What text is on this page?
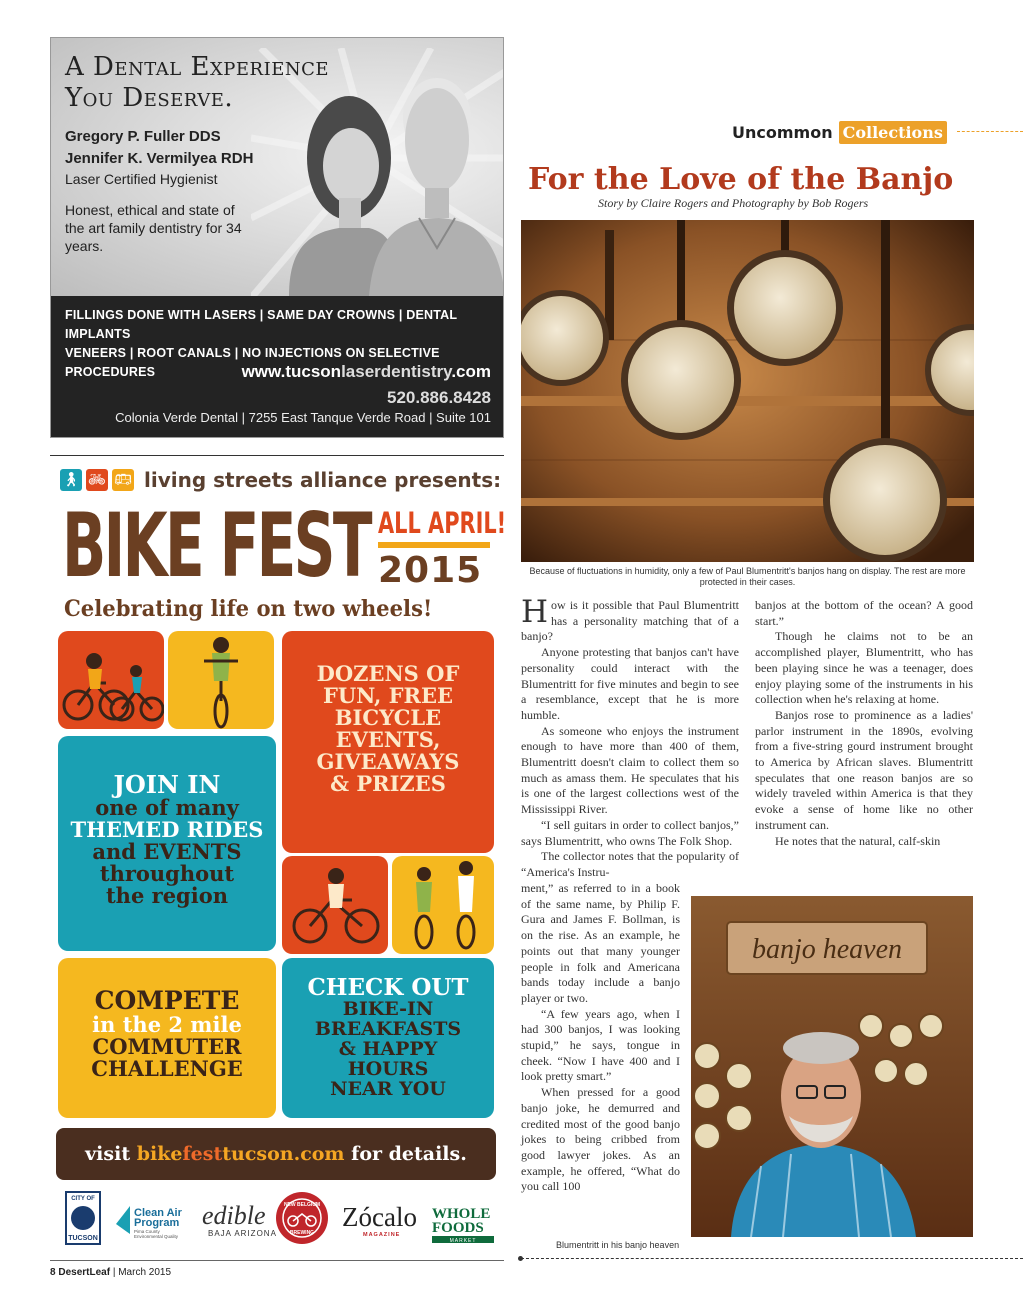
A Dental Experience
You Deserve.
Gregory P. Fuller DDS
Jennifer K. Vermilyea RDH
Laser Certified Hygienist
Honest, ethical and state of the art family dentistry for 34 years.
FILLINGS DONE WITH LASERS | SAME DAY CROWNS | DENTAL IMPLANTS
VENEERS | ROOT CANALS | NO INJECTIONS ON SELECTIVE PROCEDURES	www.tucsonlaserdentistry.com
520.886.8428
Colonia Verde Dental | 7255 East Tanque Verde Road | Suite 101
🚶︎ 🚲︎ 🚌︎ living streets alliance presents:
BIKE FEST ALL APRIL!
2015
Celebrating life on two wheels!
DOZENS OF
FUN, FREE
BICYCLE
EVENTS,
GIVEAWAYS
& PRIZES
JOIN IN
one of many
THEMED RIDES
and EVENTS
throughout
the region
COMPETE
in the 2 mile
COMMUTER
CHALLENGE
CHECK OUT
BIKE-IN
BREAKFASTS
& HAPPY
HOURS
NEAR YOU
visit bikefesttucson.com for details.
CITY OF
TUCSON
Clean Air
Program
Pima County
Environmental Quality
edible
BAJA ARIZONA
NEW BELGIUM
BREWING
Zócalo
MAGAZINE
WHOLE
FOODS
MARKET
Uncommon Collections
For the Love of the Banjo
Story by Claire Rogers and Photography by Bob Rogers
Because of fluctuations in humidity, only a few of Paul Blumentritt's banjos hang on display. The rest are more protected in their cases.

How is it possible that Paul Blumentritt has a personality matching that of a banjo?

Anyone protesting that banjos can't have personality could interact with the Blumentritt for five minutes and begin to see a resemblance, except that he is more humble.

As someone who enjoys the instrument enough to have more than 400 of them, Blumentritt doesn't claim to collect them so much as amass them. He speculates that his is one of the largest collections west of the Mississippi River.

“I sell guitars in order to collect banjos,” says Blumentritt, who owns The Folk Shop.

The collector notes that the popularity of “America's Instru-

ment,” as referred to in a book of the same name, by Philip F. Gura and James F. Bollman, is on the rise. As an example, he points out that many younger people in folk and Americana bands today include a banjo player or two.

“A few years ago, when I had 300 banjos, I was looking stupid,” he says, tongue in cheek. “Now I have 400 and I look pretty smart.”

When pressed for a good banjo joke, he demurred and credited most of the good banjo jokes to being cribbed from good lawyer jokes. As an example, he offered, “What do you call 100

banjos at the bottom of the ocean? A good start.”

Though he claims not to be an accomplished player, Blumentritt, who has been playing since he was a teenager, does enjoy playing some of the instruments in his collection when he's relaxing at home.

Banjos rose to prominence as a ladies' parlor instrument in the 1890s, evolving from a five-string gourd instrument brought to America by African slaves. Blumentritt speculates that one reason banjos are so widely traveled within America is that they evoke a sense of home like no other instrument can.

He notes that the natural, calf-skin

banjo heaven
Blumentritt in his banjo heaven
8 DesertLeaf | March 2015
